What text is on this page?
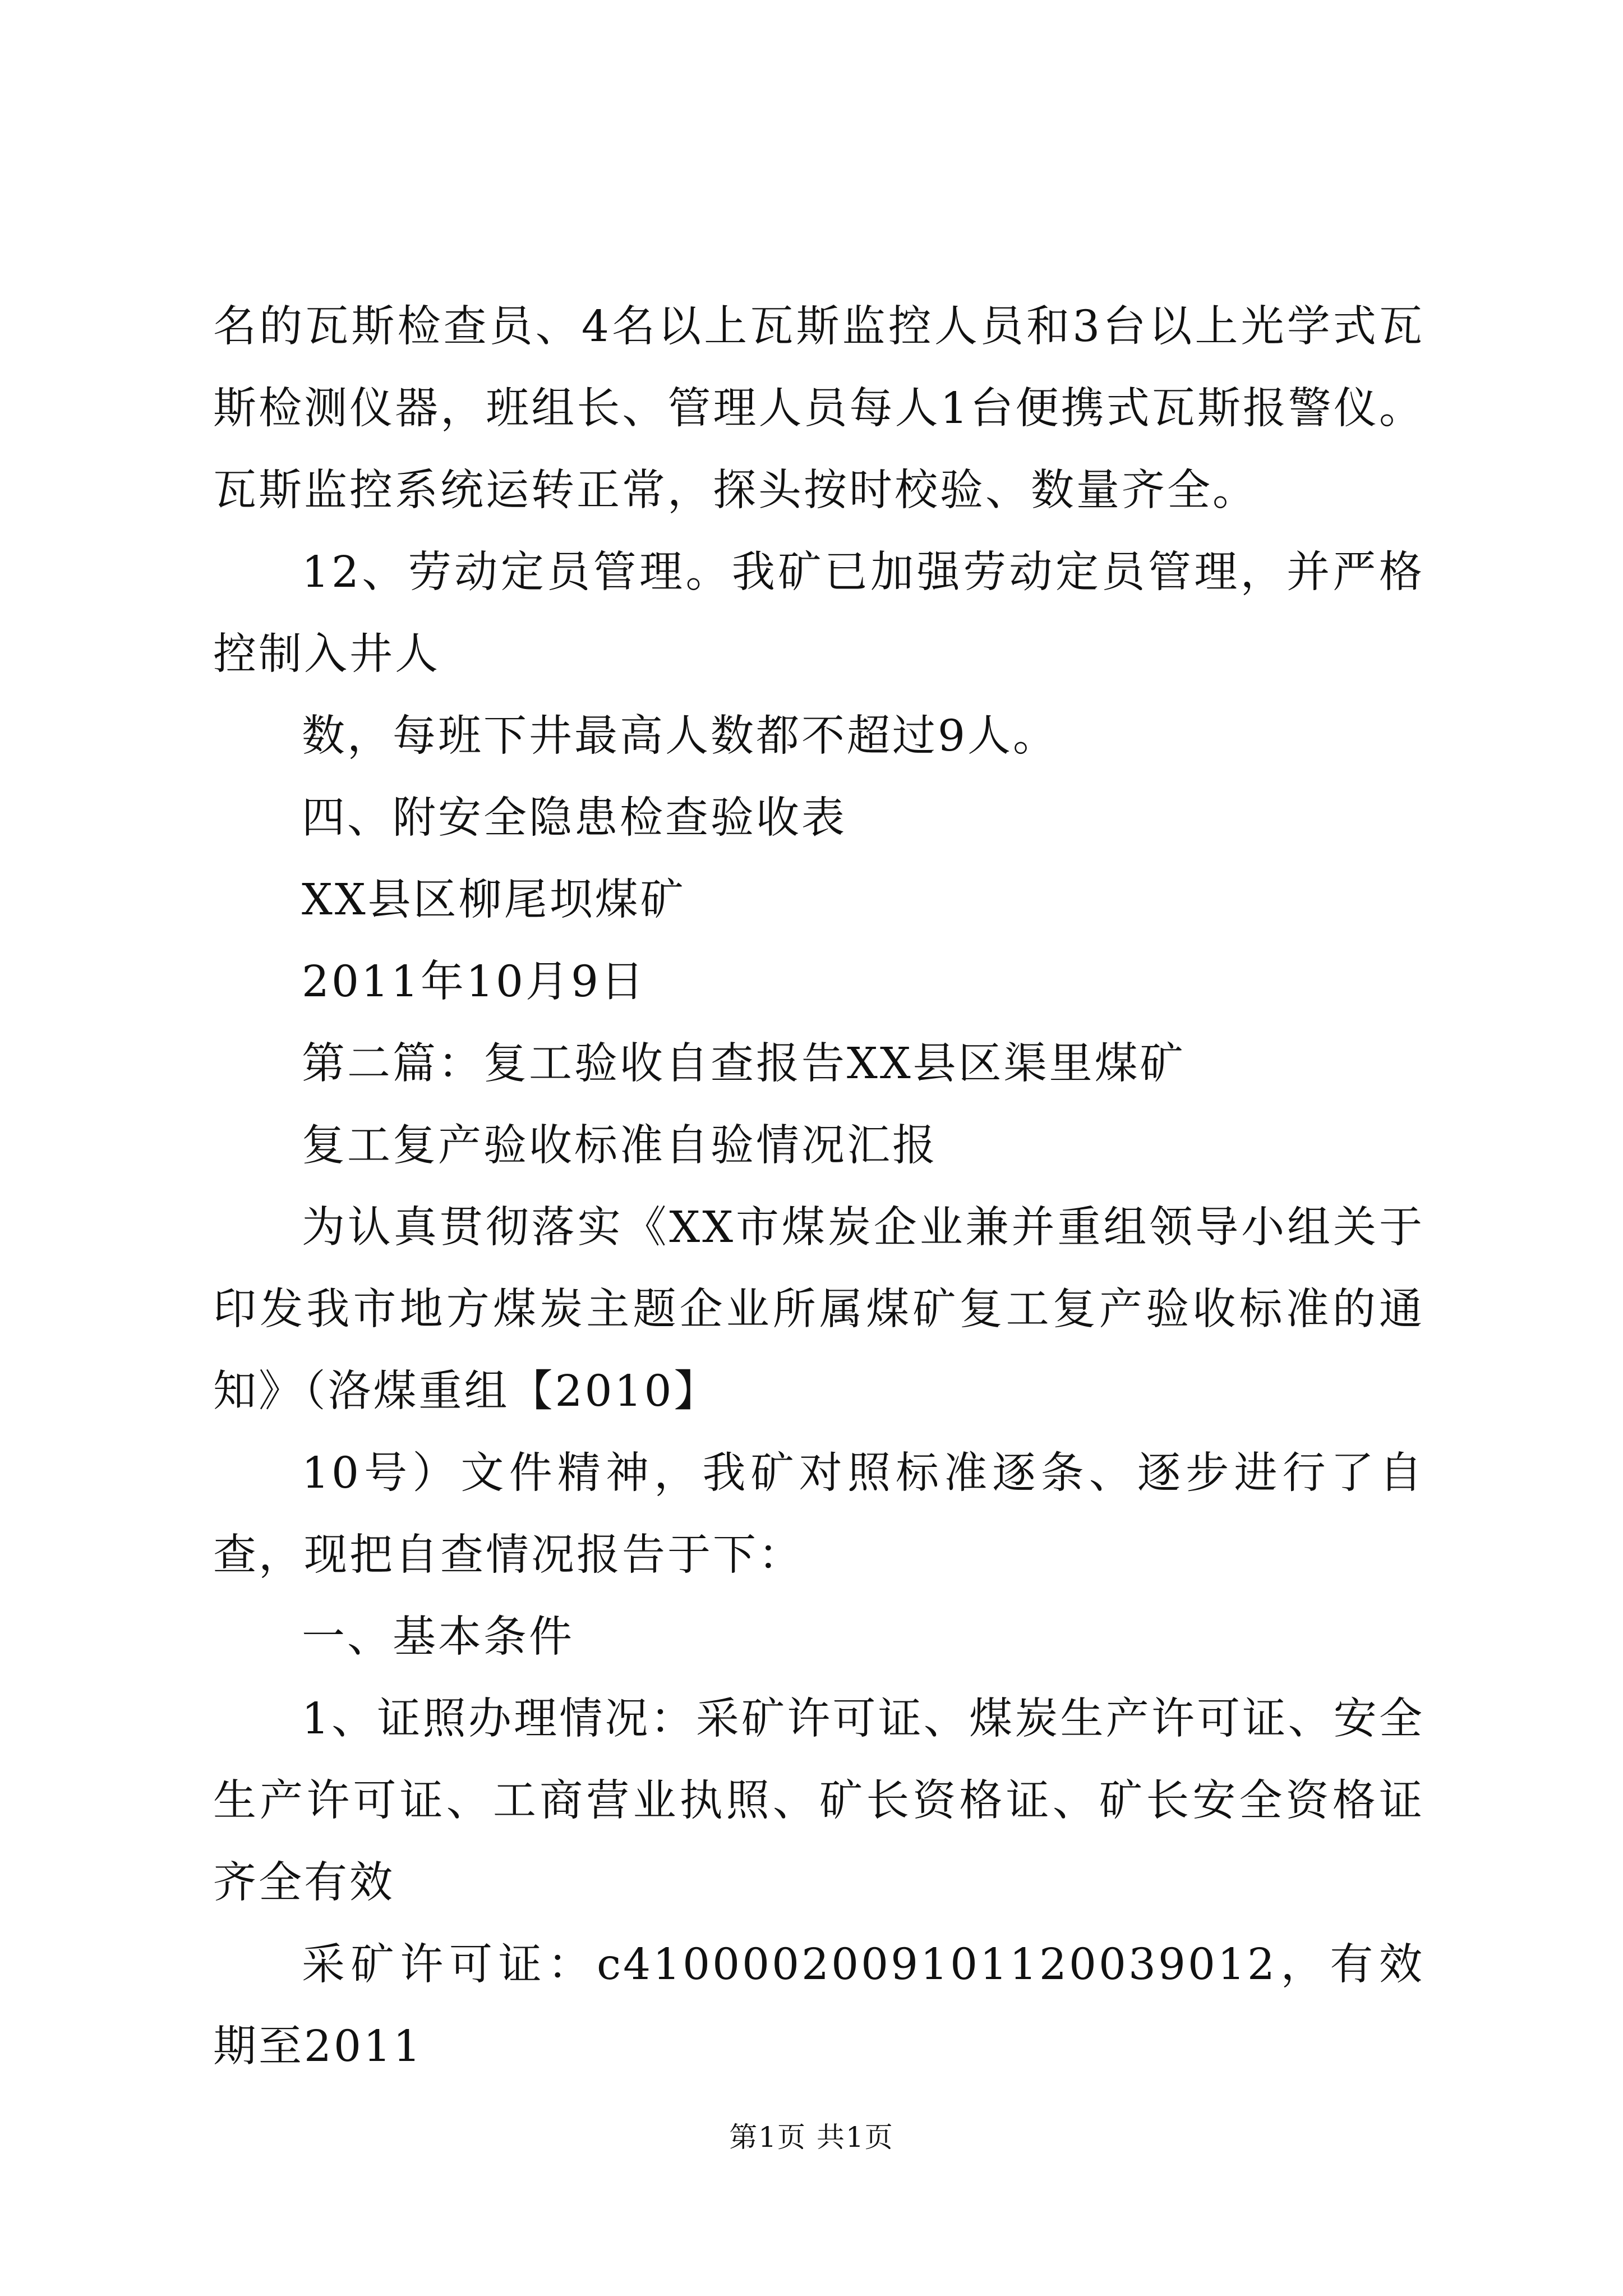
名的瓦斯检查员、4名以上瓦斯监控人员和3台以上光学式瓦斯检测仪器，班组长、管理人员每人1台便携式瓦斯报警仪。瓦斯监控系统运转正常，探头按时校验、数量齐全。

12、劳动定员管理。我矿已加强劳动定员管理，并严格控制入井人

数，每班下井最高人数都不超过9人。

四、附安全隐患检查验收表

XX县区柳尾坝煤矿

2011年10月9日

第二篇：复工验收自查报告XX县区渠里煤矿

复工复产验收标准自验情况汇报

为认真贯彻落实《XX市煤炭企业兼并重组领导小组关于印发我市地方煤炭主题企业所属煤矿复工复产验收标准的通知》（洛煤重组【2010】

10号）文件精神，我矿对照标准逐条、逐步进行了自查，现把自查情况报告于下：

一、基本条件

1、证照办理情况：采矿许可证、煤炭生产许可证、安全生产许可证、工商营业执照、矿长资格证、矿长安全资格证齐全有效

采矿许可证：c4100002009101120039012，有效期至2011

第1页 共1页
